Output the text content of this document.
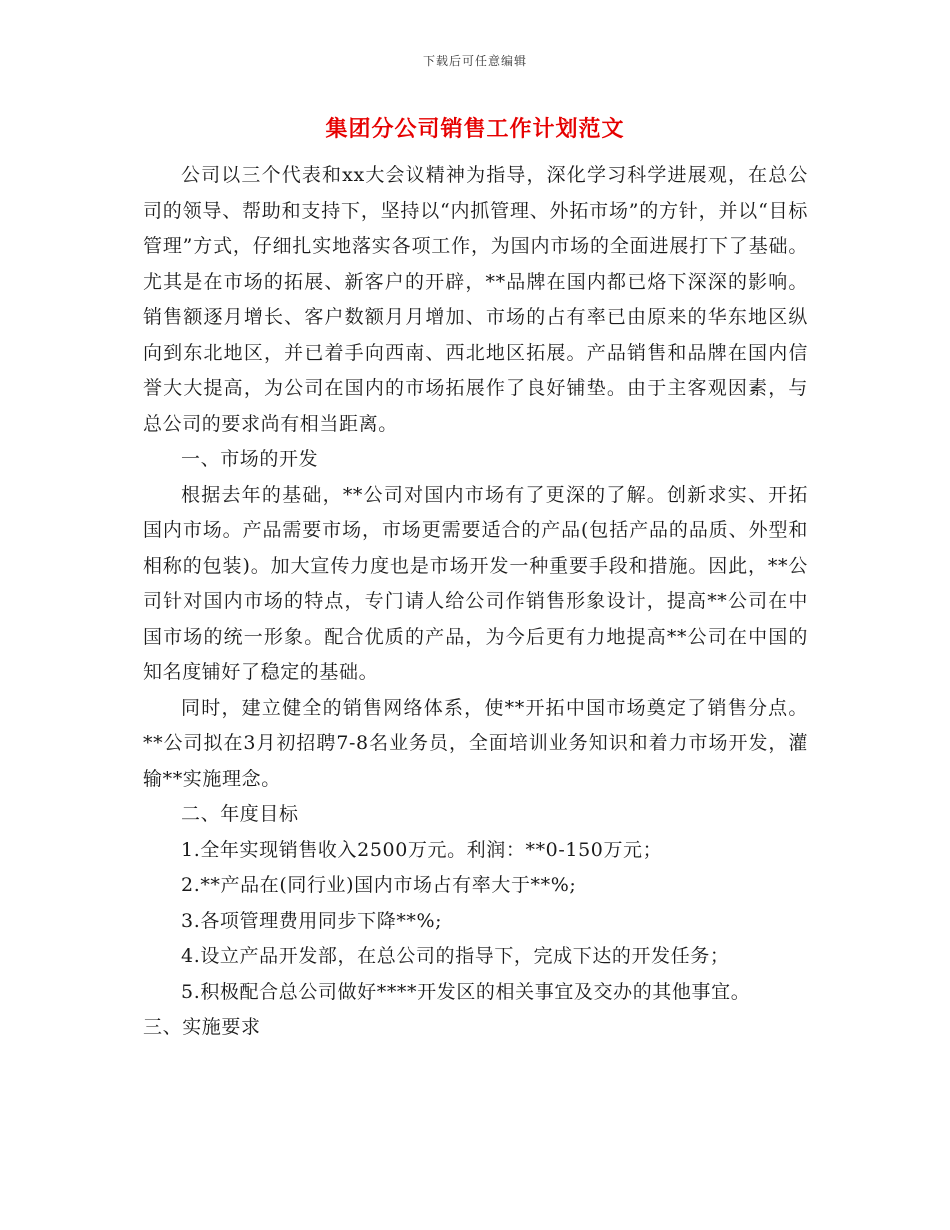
下载后可任意编辑
集团分公司销售工作计划范文

公司以三个代表和xx大会议精神为指导，深化学习科学进展观，在总公司的领导、帮助和支持下，坚持以“内抓管理、外拓市场”的方针，并以“目标管理”方式，仔细扎实地落实各项工作，为国内市场的全面进展打下了基础。尤其是在市场的拓展、新客户的开辟，**品牌在国内都已烙下深深的影响。销售额逐月增长、客户数额月月增加、市场的占有率已由原来的华东地区纵向到东北地区，并已着手向西南、西北地区拓展。产品销售和品牌在国内信誉大大提高，为公司在国内的市场拓展作了良好铺垫。由于主客观因素，与总公司的要求尚有相当距离。

一、市场的开发

根据去年的基础，**公司对国内市场有了更深的了解。创新求实、开拓国内市场。产品需要市场，市场更需要适合的产品(包括产品的品质、外型和相称的包装)。加大宣传力度也是市场开发一种重要手段和措施。因此，**公司针对国内市场的特点，专门请人给公司作销售形象设计，提高**公司在中国市场的统一形象。配合优质的产品，为今后更有力地提高**公司在中国的知名度铺好了稳定的基础。

同时，建立健全的销售网络体系，使**开拓中国市场奠定了销售分点。**公司拟在3月初招聘7-8名业务员，全面培训业务知识和着力市场开发，灌输**实施理念。

二、年度目标

1.全年实现销售收入2500万元。利润：**0-150万元；

2.**产品在(同行业)国内市场占有率大于**%;

3.各项管理费用同步下降**%;

4.设立产品开发部，在总公司的指导下，完成下达的开发任务；

5.积极配合总公司做好****开发区的相关事宜及交办的其他事宜。

三、实施要求
